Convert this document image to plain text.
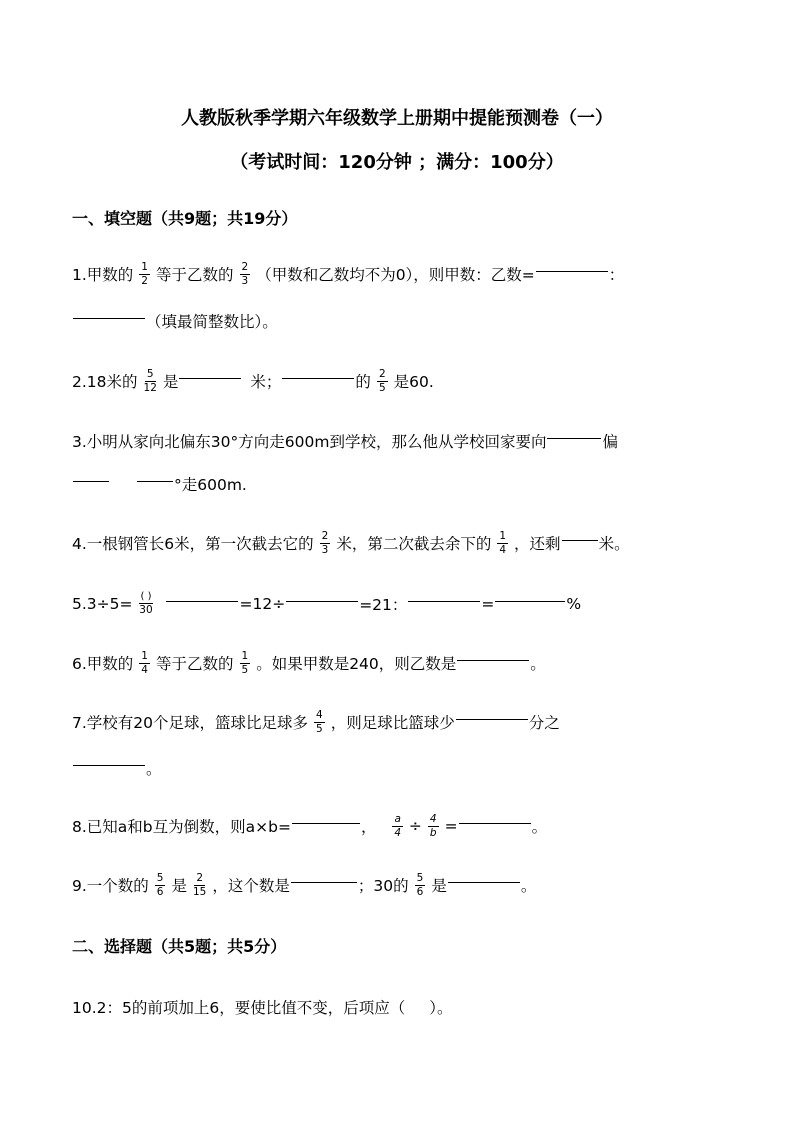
人教版秋季学期六年级数学上册期中提能预测卷（一）
（考试时间：120分钟 ；满分：100分）
一、填空题（共9题；共19分）
1.甲数的 $\frac{1}{2}$ 等于乙数的 $\frac{2}{3}$ （甲数和乙数均不为0），则甲数：乙数=	：
（填最简整数比）。
2.18米的 $\frac{5}{12}$ 是	米；	的 $\frac{2}{5}$ 是60.
3.小明从家向北偏东30°方向走600m到学校，那么他从学校回家要向	偏
°走600m.
4.一根钢管长6米，第一次截去它的 $\frac{2}{3}$ 米，第二次截去余下的 $\frac{1}{4}$ ，还剩 米。
$5.3\div 5= \frac{( )}{30}$	=12÷	=21：	=	%
6.甲数的 $\frac{1}{4}$ 等于乙数的 $\frac{1}{5}$ 。如果甲数是240，则乙数是	。
7.学校有20个足球，篮球比足球多 $\frac{4}{5}$ ，则足球比篮球少	分之
。
8.已知a和b互为倒数，则a×b=	， $\frac{a}{4} \div \frac{4}{b}$ =	。
9.一个数的 $\frac{5}{6}$ 是 $\frac{2}{15}$ ，这个数是	；30的 $\frac{5}{6}$ 是	。
二、选择题（共5题；共5分）
10.2：5的前项加上6，要使比值不变，后项应（ ）。
